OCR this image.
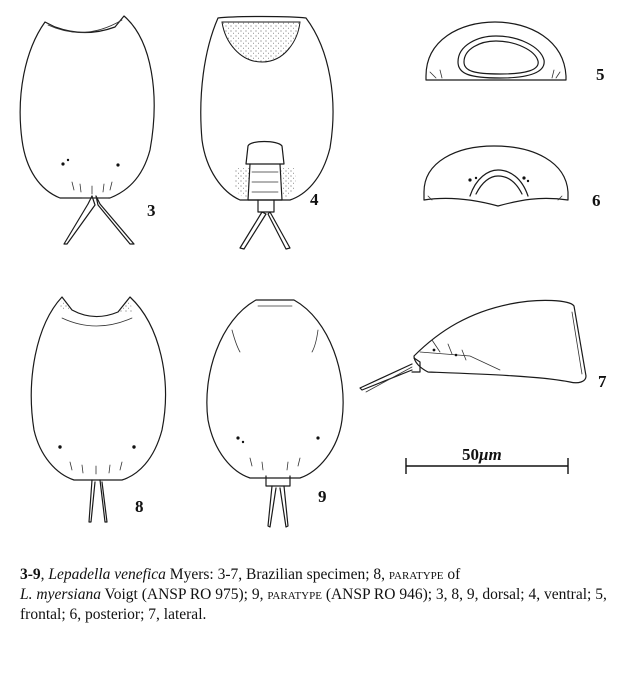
3
4
5
6
8
9
7
50μm
3-9, Lepadella venefica Myers: 3-7, Brazilian specimen; 8, paratype of
L. myersiana Voigt (ANSP RO 975); 9, paratype (ANSP RO 946); 3, 8, 9, dorsal; 4, ventral; 5, frontal; 6, posterior; 7, lateral.
